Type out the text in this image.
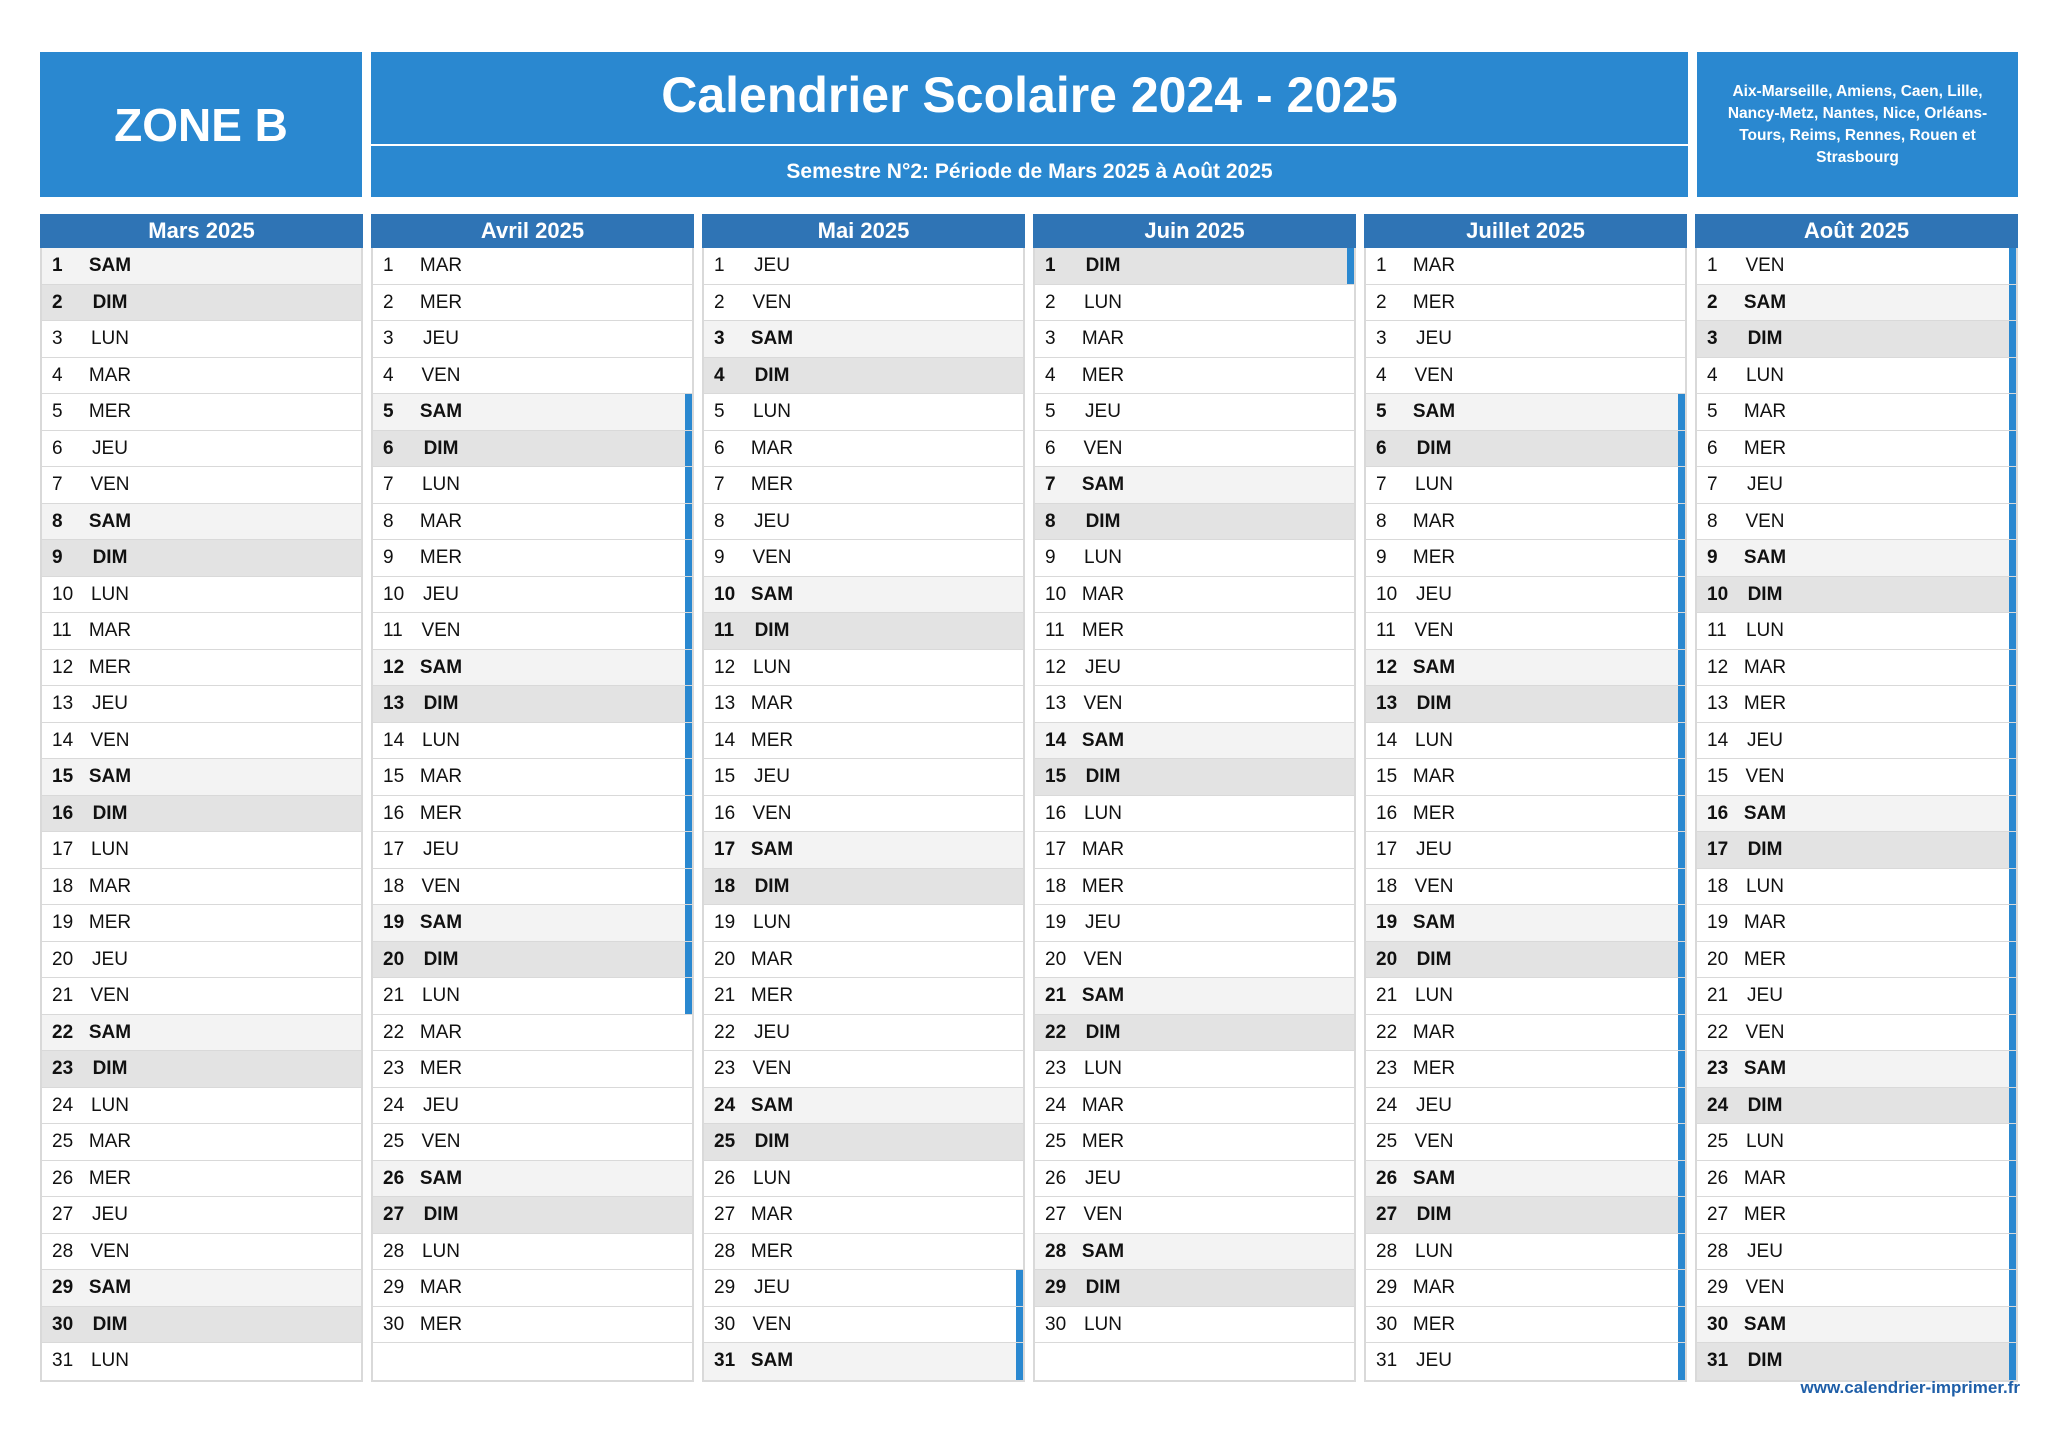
ZONE B
Calendrier Scolaire 2024 - 2025
Semestre N°2: Période de Mars 2025 à Août 2025
Aix-Marseille, Amiens, Caen, Lille, Nancy-Metz, Nantes, Nice, Orléans-Tours, Reims, Rennes, Rouen et Strasbourg
Mars 2025
1 SAM
2 DIM
3 LUN
4 MAR
5 MER
6 JEU
7 VEN
8 SAM
9 DIM
10 LUN
11 MAR
12 MER
13 JEU
14 VEN
15 SAM
16 DIM
17 LUN
18 MAR
19 MER
20 JEU
21 VEN
22 SAM
23 DIM
24 LUN
25 MAR
26 MER
27 JEU
28 VEN
29 SAM
30 DIM
31 LUN
Avril 2025
1 MAR
2 MER
3 JEU
4 VEN
5 SAM
6 DIM
7 LUN
8 MAR
9 MER
10 JEU
11 VEN
12 SAM
13 DIM
14 LUN
15 MAR
16 MER
17 JEU
18 VEN
19 SAM
20 DIM
21 LUN
22 MAR
23 MER
24 JEU
25 VEN
26 SAM
27 DIM
28 LUN
29 MAR
30 MER
Mai 2025
1 JEU
2 VEN
3 SAM
4 DIM
5 LUN
6 MAR
7 MER
8 JEU
9 VEN
10 SAM
11 DIM
12 LUN
13 MAR
14 MER
15 JEU
16 VEN
17 SAM
18 DIM
19 LUN
20 MAR
21 MER
22 JEU
23 VEN
24 SAM
25 DIM
26 LUN
27 MAR
28 MER
29 JEU
30 VEN
31 SAM
Juin 2025
1 DIM
2 LUN
3 MAR
4 MER
5 JEU
6 VEN
7 SAM
8 DIM
9 LUN
10 MAR
11 MER
12 JEU
13 VEN
14 SAM
15 DIM
16 LUN
17 MAR
18 MER
19 JEU
20 VEN
21 SAM
22 DIM
23 LUN
24 MAR
25 MER
26 JEU
27 VEN
28 SAM
29 DIM
30 LUN
Juillet 2025
1 MAR
2 MER
3 JEU
4 VEN
5 SAM
6 DIM
7 LUN
8 MAR
9 MER
10 JEU
11 VEN
12 SAM
13 DIM
14 LUN
15 MAR
16 MER
17 JEU
18 VEN
19 SAM
20 DIM
21 LUN
22 MAR
23 MER
24 JEU
25 VEN
26 SAM
27 DIM
28 LUN
29 MAR
30 MER
31 JEU
Août 2025
1 VEN
2 SAM
3 DIM
4 LUN
5 MAR
6 MER
7 JEU
8 VEN
9 SAM
10 DIM
11 LUN
12 MAR
13 MER
14 JEU
15 VEN
16 SAM
17 DIM
18 LUN
19 MAR
20 MER
21 JEU
22 VEN
23 SAM
24 DIM
25 LUN
26 MAR
27 MER
28 JEU
29 VEN
30 SAM
31 DIM
www.calendrier-imprimer.fr
